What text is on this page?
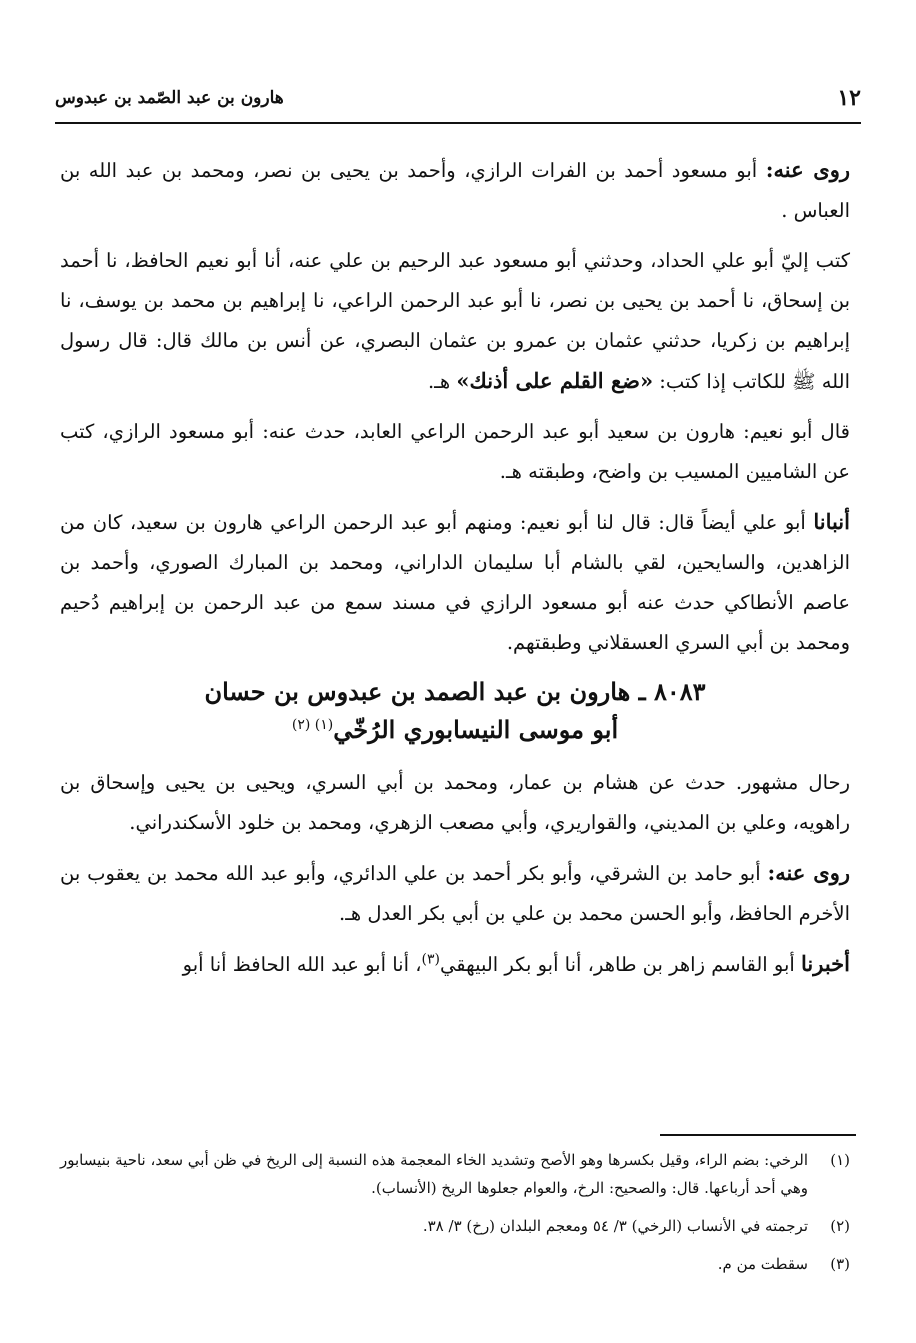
١٢
هارون بن عبد الصّمد بن عبدوس

روى عنه: أبو مسعود أحمد بن الفرات الرازي، وأحمد بن يحيى بن نصر، ومحمد بن عبد الله بن العباس .

كتب إليّ أبو علي الحداد، وحدثني أبو مسعود عبد الرحيم بن علي عنه، أنا أبو نعيم الحافظ، نا أحمد بن إسحاق، نا أحمد بن يحيى بن نصر، نا أبو عبد الرحمن الراعي، نا إبراهيم بن محمد بن يوسف، نا إبراهيم بن زكريا، حدثني عثمان بن عمرو بن عثمان البصري، عن أنس بن مالك قال: قال رسول الله ﷺ للكاتب إذا كتب: «ضع القلم على أذنك» هـ.

قال أبو نعيم: هارون بن سعيد أبو عبد الرحمن الراعي العابد، حدث عنه: أبو مسعود الرازي، كتب عن الشاميين المسيب بن واضح، وطبقته هـ.

أنبانا أبو علي أيضاً قال: قال لنا أبو نعيم: ومنهم أبو عبد الرحمن الراعي هارون بن سعيد، كان من الزاهدين، والسايحين، لقي بالشام أبا سليمان الداراني، ومحمد بن المبارك الصوري، وأحمد بن عاصم الأنطاكي حدث عنه أبو مسعود الرازي في مسند سمع من عبد الرحمن بن إبراهيم دُحيم ومحمد بن أبي السري العسقلاني وطبقتهم.

٨٠٨٣ ـ هارون بن عبد الصمد بن عبدوس بن حسان
أبو موسى النيسابوري الرُخّي$^{(١) (٢)}$

رحال مشهور. حدث عن هشام بن عمار، ومحمد بن أبي السري، ويحيى بن يحيى وإسحاق بن راهويه، وعلي بن المديني، والقواريري، وأبي مصعب الزهري، ومحمد بن خلود الأسكندراني.

روى عنه: أبو حامد بن الشرقي، وأبو بكر أحمد بن علي الدائري، وأبو عبد الله محمد بن يعقوب بن الأخرم الحافظ، وأبو الحسن محمد بن علي بن أبي بكر العدل هـ.

أخبرنا أبو القاسم زاهر بن طاهر، أنا أبو بكر البيهقي$^{(٣)}$، أنا أبو عبد الله الحافظ أنا أبو

(١)
الرخي: بضم الراء، وقيل بكسرها وهو الأصح وتشديد الخاء المعجمة هذه النسبة إلى الريخ في ظن أبي سعد، ناحية بنيسابور وهي أحد أرباعها. قال: والصحيح: الرخ، والعوام جعلوها الريخ (الأنساب).
(٢)
ترجمته في الأنساب (الرخي) ٣/ ٥٤ ومعجم البلدان (رخ) ٣/ ٣٨.
(٣)
سقطت من م.
